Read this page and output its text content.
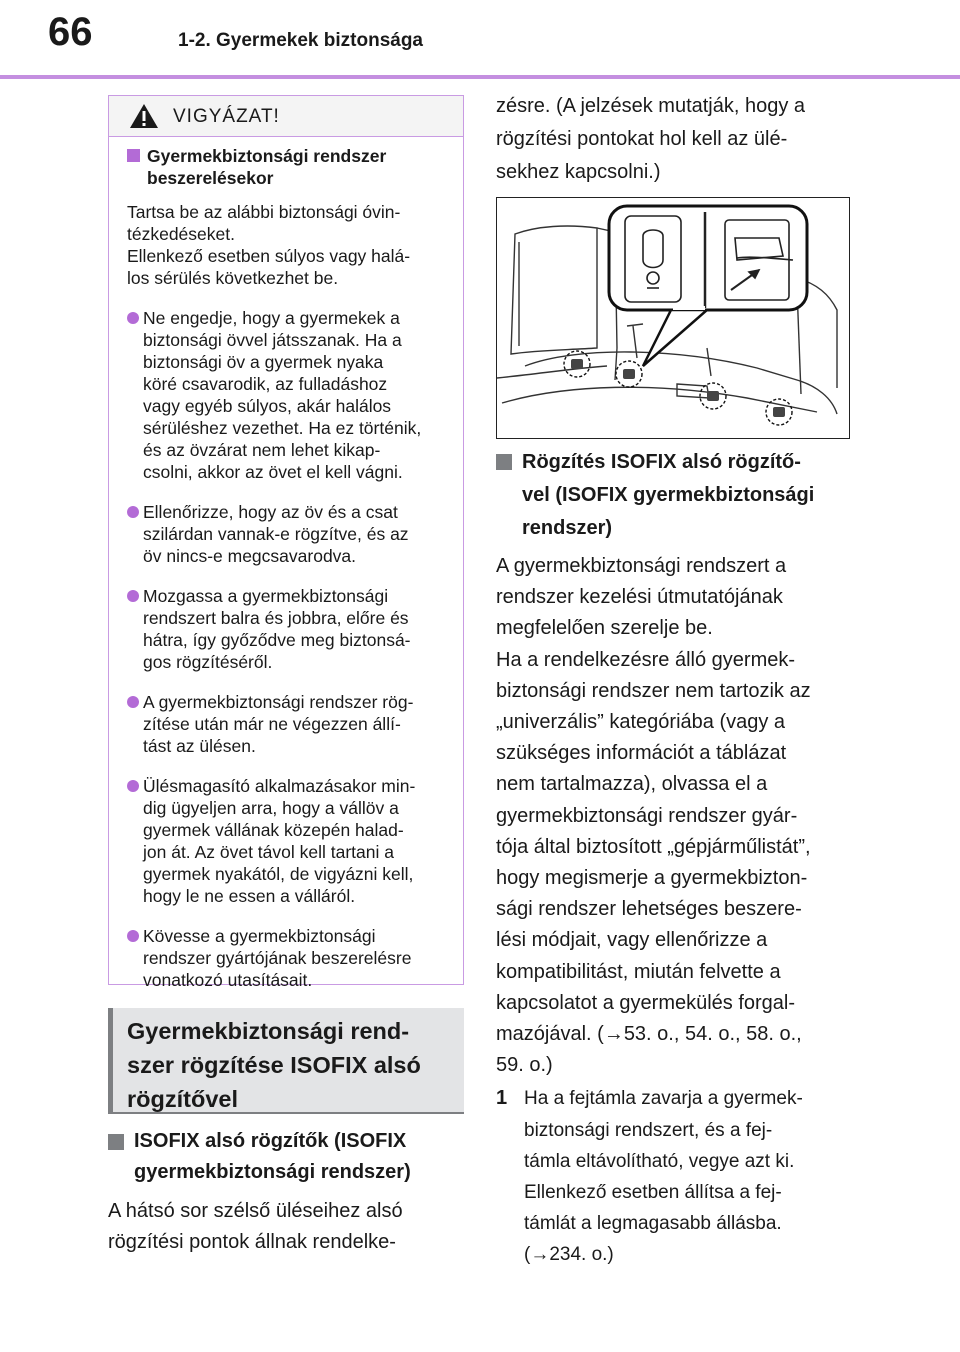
66	1-2. Gyermekek biztonsága
VIGYÁZAT!
Gyermekbiztonsági rendszer beszerelésekor
Tartsa be az alábbi biztonsági óvin-
tézkedéseket.
Ellenkező esetben súlyos vagy halá-
los sérülés következhet be.
Ne engedje, hogy a gyermekek a
biztonsági övvel játsszanak. Ha a
biztonsági öv a gyermek nyaka
köré csavarodik, az fulladáshoz
vagy egyéb súlyos, akár halálos
sérüléshez vezethet. Ha ez történik,
és az övzárat nem lehet kikap-
csolni, akkor az övet el kell vágni.
Ellenőrizze, hogy az öv és a csat
szilárdan vannak-e rögzítve, és az
öv nincs-e megcsavarodva.
Mozgassa a gyermekbiztonsági
rendszert balra és jobbra, előre és
hátra, így győződve meg biztonsá-
gos rögzítéséről.
A gyermekbiztonsági rendszer rög-
zítése után már ne végezzen állí-
tást az ülésen.
Ülésmagasító alkalmazásakor min-
dig ügyeljen arra, hogy a vállöv a
gyermek vállának közepén halad-
jon át. Az övet távol kell tartani a
gyermek nyakától, de vigyázni kell,
hogy le ne essen a válláról.
Kövesse a gyermekbiztonsági
rendszer gyártójának beszerelésre
vonatkozó utasításait.
Gyermekbiztonsági rend-
szer rögzítése ISOFIX alsó
rögzítővel
ISOFIX alsó rögzítők (ISOFIX
gyermekbiztonsági rendszer)

A hátsó sor szélső üléseihez alsó
rögzítési pontok állnak rendelke-

zésre. (A jelzések mutatják, hogy a
rögzítési pontokat hol kell az ülé-
sekhez kapcsolni.)

Rögzítés ISOFIX alsó rögzítő-
vel (ISOFIX gyermekbiztonsági
rendszer)

A gyermekbiztonsági rendszert a
rendszer kezelési útmutatójának
megfelelően szerelje be.
Ha a rendelkezésre álló gyermek-
biztonsági rendszer nem tartozik az
„univerzális” kategóriába (vagy a
szükséges információt a táblázat
nem tartalmazza), olvassa el a
gyermekbiztonsági rendszer gyár-
tója által biztosított „gépjárműlistát”,
hogy megismerje a gyermekbizton-
sági rendszer lehetséges beszere-
lési módjait, vagy ellenőrizze a
kompatibilitást, miután felvette a
kapcsolatot a gyermekülés forgal-
mazójával. (→53. o., 54. o., 58. o.,
59. o.)

1 Ha a fejtámla zavarja a gyermek-
biztonsági rendszert, és a fej-
támla eltávolítható, vegye azt ki.
Ellenkező esetben állítsa a fej-
támlát a legmagasabb állásba.
(→234. o.)
